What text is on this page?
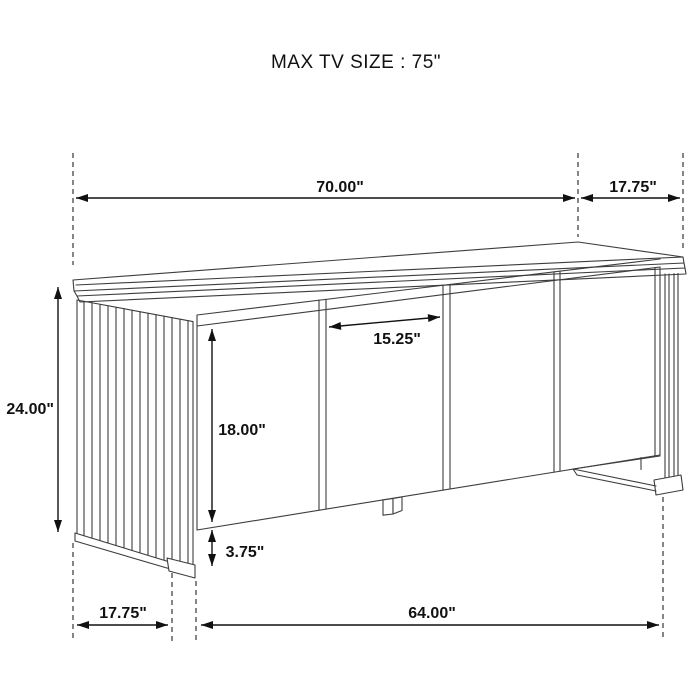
70.00"	17.75"
24.00"
15.25"
18.00"
3.75"
17.75"	64.00"
MAX TV SIZE : 75"
